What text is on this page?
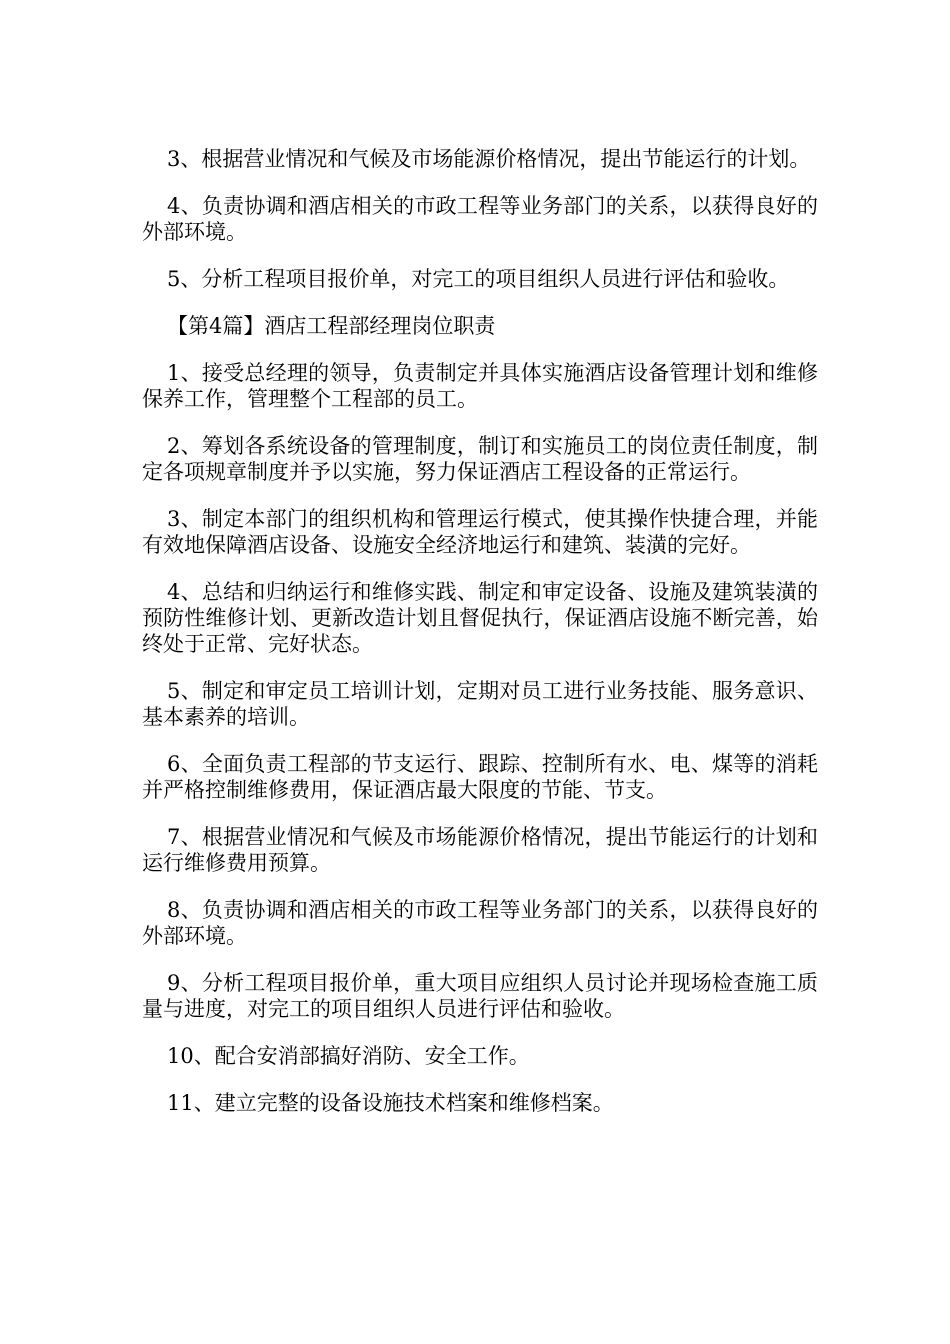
3、根据营业情况和气候及市场能源价格情况，提出节能运行的计划。

4、负责协调和酒店相关的市政工程等业务部门的关系，以获得良好的外部环境。

5、分析工程项目报价单，对完工的项目组织人员进行评估和验收。

【第4篇】酒店工程部经理岗位职责

1、接受总经理的领导，负责制定并具体实施酒店设备管理计划和维修保养工作，管理整个工程部的员工。

2、筹划各系统设备的管理制度，制订和实施员工的岗位责任制度，制定各项规章制度并予以实施，努力保证酒店工程设备的正常运行。

3、制定本部门的组织机构和管理运行模式，使其操作快捷合理，并能有效地保障酒店设备、设施安全经济地运行和建筑、装潢的完好。

4、总结和归纳运行和维修实践、制定和审定设备、设施及建筑装潢的预防性维修计划、更新改造计划且督促执行，保证酒店设施不断完善，始终处于正常、完好状态。

5、制定和审定员工培训计划，定期对员工进行业务技能、服务意识、基本素养的培训。

6、全面负责工程部的节支运行、跟踪、控制所有水、电、煤等的消耗并严格控制维修费用，保证酒店最大限度的节能、节支。

7、根据营业情况和气候及市场能源价格情况，提出节能运行的计划和运行维修费用预算。

8、负责协调和酒店相关的市政工程等业务部门的关系，以获得良好的外部环境。

9、分析工程项目报价单，重大项目应组织人员讨论并现场检查施工质量与进度，对完工的项目组织人员进行评估和验收。

10、配合安消部搞好消防、安全工作。

11、建立完整的设备设施技术档案和维修档案。
